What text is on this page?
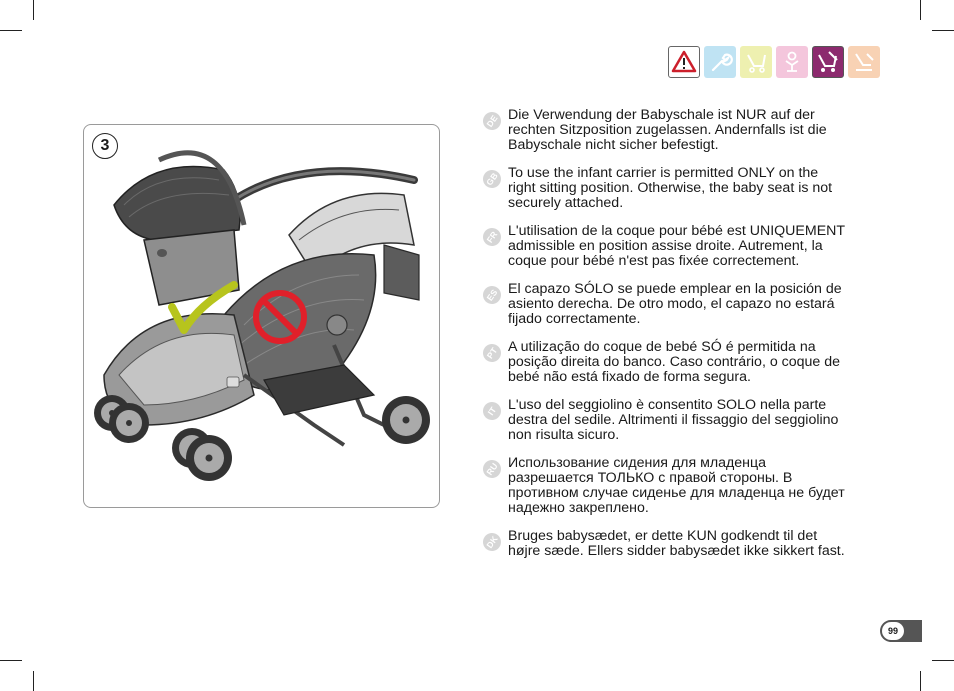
3
DE Die Verwendung der Babyschale ist NUR auf der
rechten Sitzposition zugelassen. Andernfalls ist die
Babyschale nicht sicher befestigt.
GB To use the infant carrier is permitted ONLY on the
right sitting position. Otherwise, the baby seat is not
securely attached.
FR L'utilisation de la coque pour bébé est UNIQUEMENT
admissible en position assise droite. Autrement, la
coque pour bébé n'est pas fixée correctement.
ES El capazo SÓLO se puede emplear en la posición de
asiento derecha. De otro modo, el capazo no estará
fijado correctamente.
PT A utilização do coque de bebé SÓ é permitida na
posição direita do banco. Caso contrário, o coque de
bebé não está fixado de forma segura.
IT L'uso del seggiolino è consentito SOLO nella parte
destra del sedile. Altrimenti il fissaggio del seggiolino
non risulta sicuro.
RU Использование сидения для младенца
разрешается ТОЛЬКО с правой стороны. В
противном случае сиденье для младенца не будет
надежно закреплено.
DK Bruges babysædet, er dette KUN godkendt til det
højre sæde. Ellers sidder babysædet ikke sikkert fast.
99
